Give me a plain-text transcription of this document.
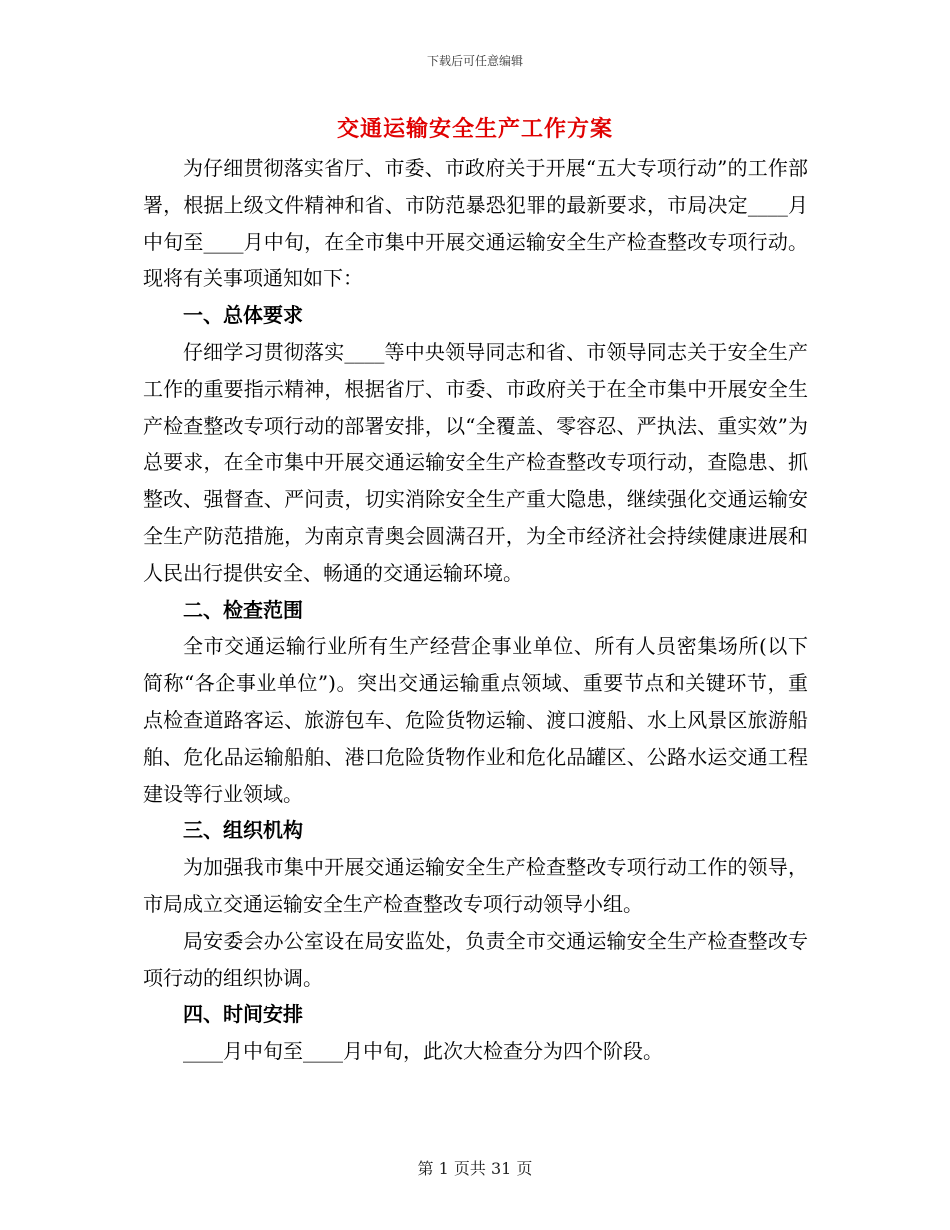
下载后可任意编辑
交通运输安全生产工作方案

为仔细贯彻落实省厅、市委、市政府关于开展“五大专项行动”的工作部署，根据上级文件精神和省、市防范暴恐犯罪的最新要求，市局决定____月中旬至____月中旬，在全市集中开展交通运输安全生产检查整改专项行动。现将有关事项通知如下：

一、总体要求

仔细学习贯彻落实____等中央领导同志和省、市领导同志关于安全生产工作的重要指示精神，根据省厅、市委、市政府关于在全市集中开展安全生产检查整改专项行动的部署安排，以“全覆盖、零容忍、严执法、重实效”为总要求，在全市集中开展交通运输安全生产检查整改专项行动，查隐患、抓整改、强督查、严问责，切实消除安全生产重大隐患，继续强化交通运输安全生产防范措施，为南京青奥会圆满召开，为全市经济社会持续健康进展和人民出行提供安全、畅通的交通运输环境。

二、检查范围

全市交通运输行业所有生产经营企事业单位、所有人员密集场所(以下简称“各企事业单位”)。突出交通运输重点领域、重要节点和关键环节，重点检查道路客运、旅游包车、危险货物运输、渡口渡船、水上风景区旅游船舶、危化品运输船舶、港口危险货物作业和危化品罐区、公路水运交通工程建设等行业领域。

三、组织机构

为加强我市集中开展交通运输安全生产检查整改专项行动工作的领导，市局成立交通运输安全生产检查整改专项行动领导小组。

局安委会办公室设在局安监处，负责全市交通运输安全生产检查整改专项行动的组织协调。

四、时间安排

____月中旬至____月中旬，此次大检查分为四个阶段。

第 1 页共 31 页
